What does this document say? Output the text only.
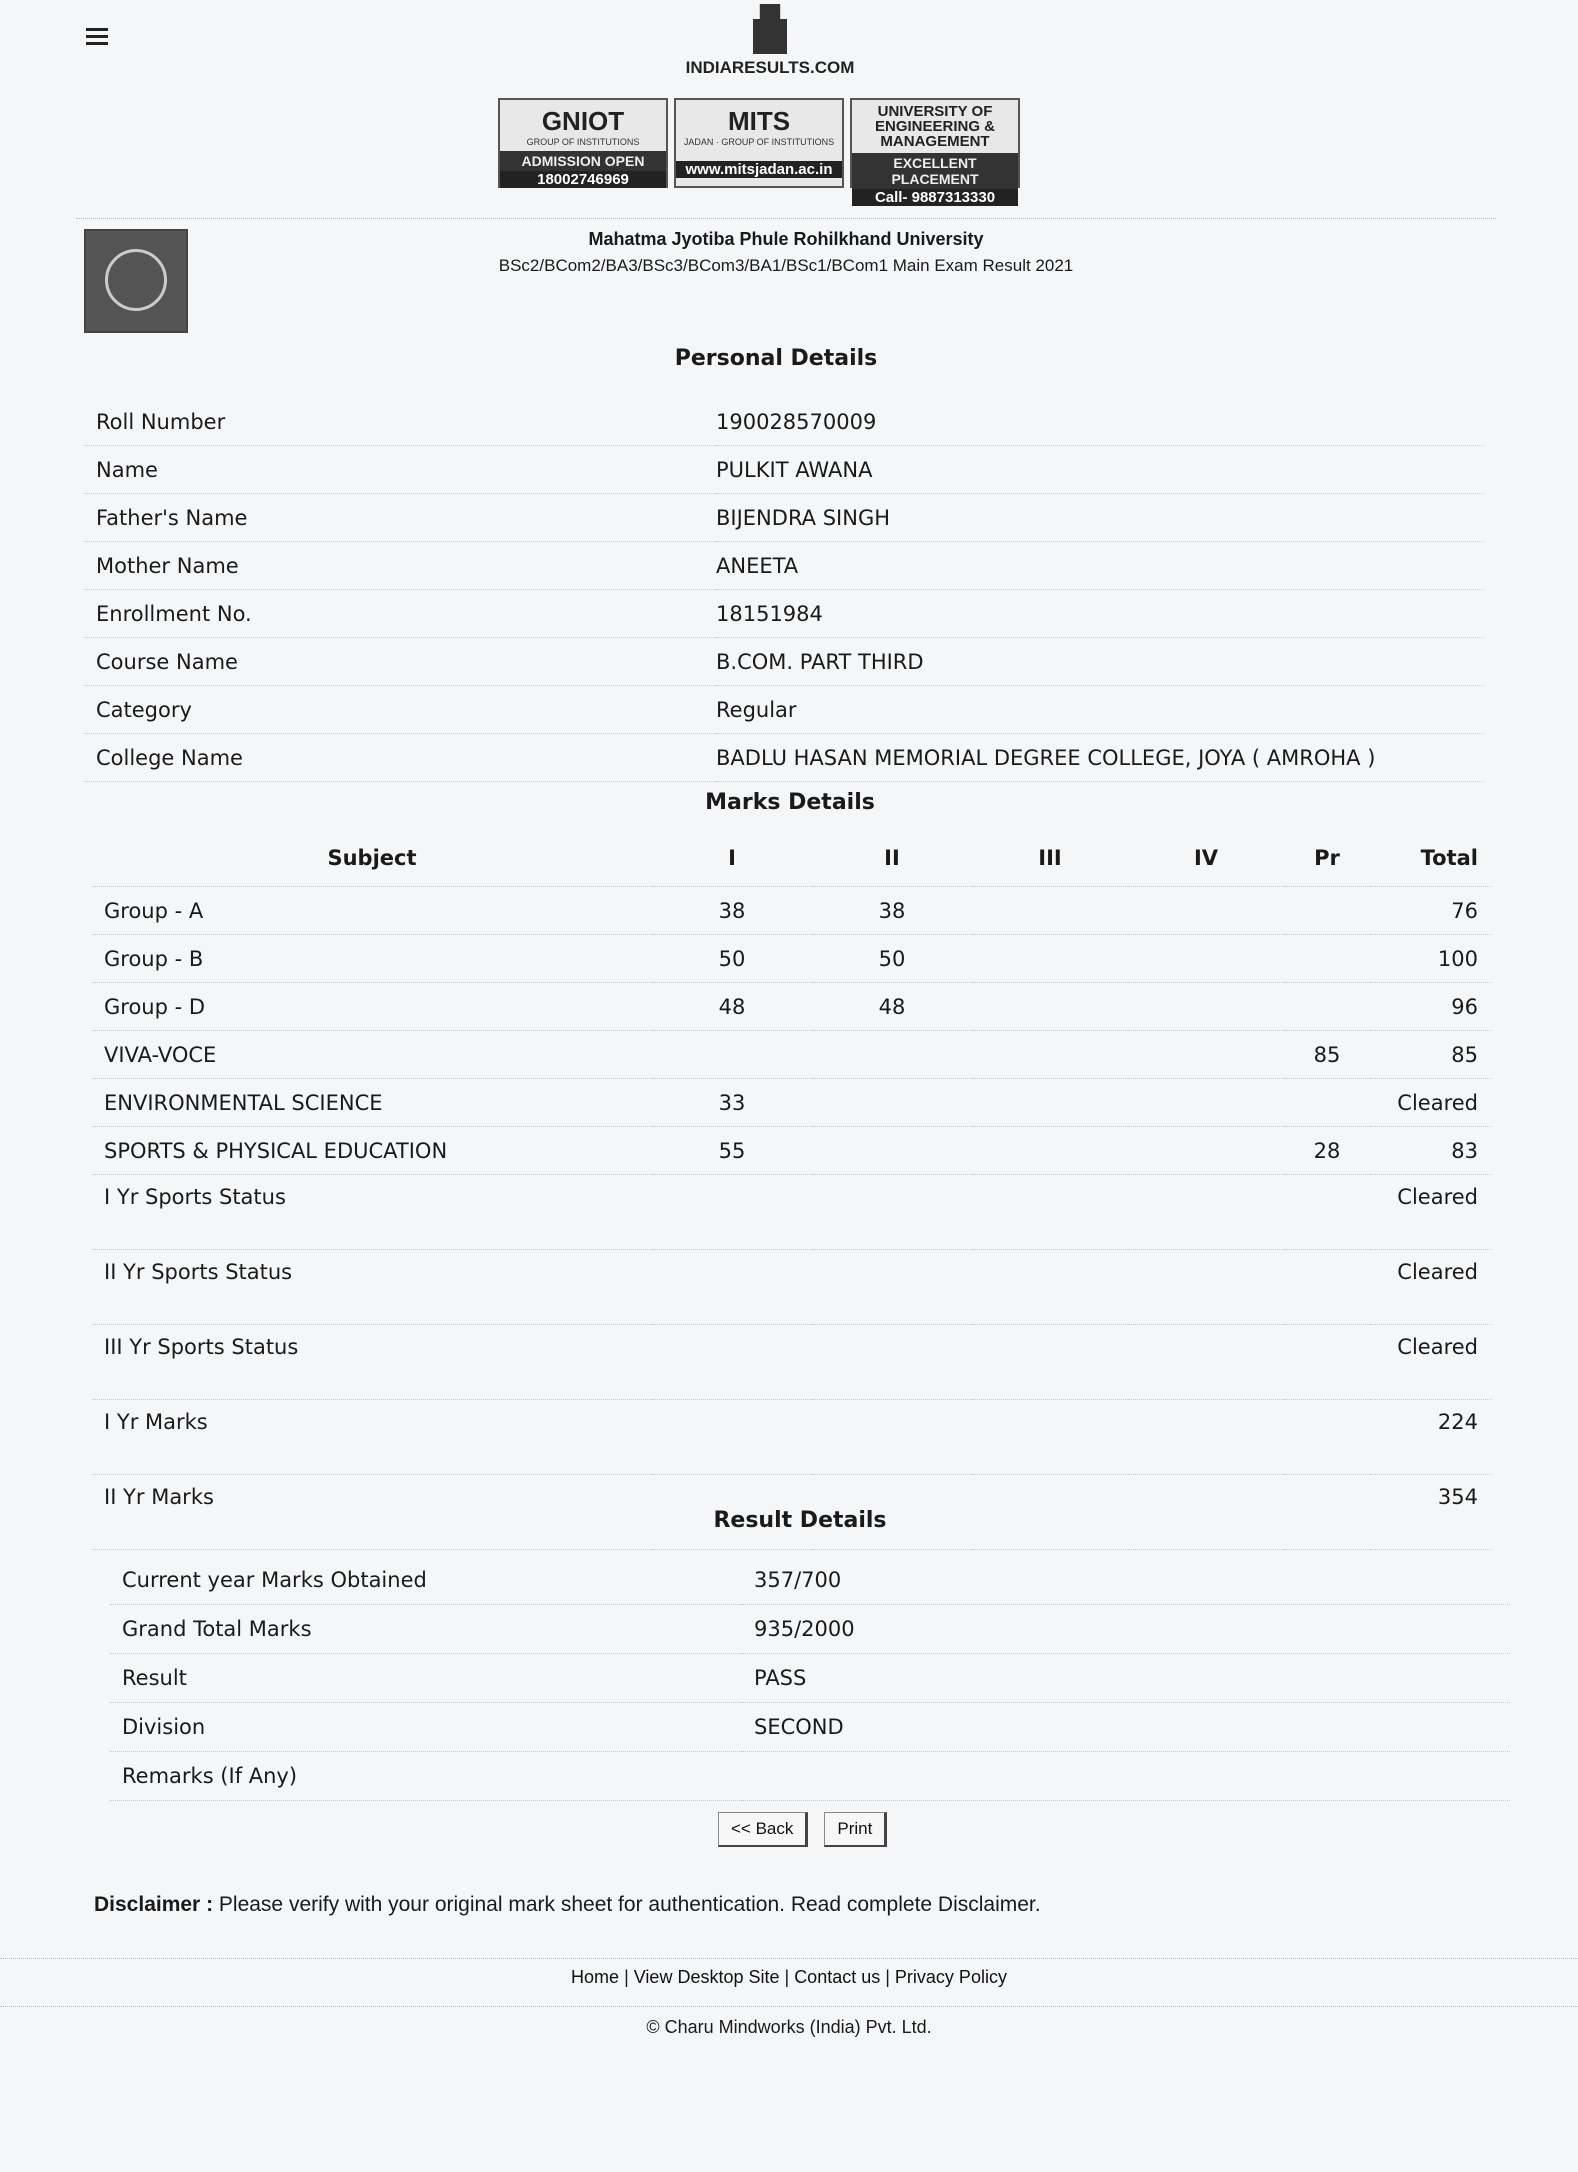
INDIARESULTS.COM
GNIOT
GROUP OF INSTITUTIONS
ADMISSION OPEN
18002746969
MITS
JADAN · GROUP OF INSTITUTIONS
www.mitsjadan.ac.in
UNIVERSITY OF ENGINEERING & MANAGEMENT
EXCELLENT PLACEMENT
Call- 9887313330
Mahatma Jyotiba Phule Rohilkhand University
BSc2/BCom2/BA3/BSc3/BCom3/BA1/BSc1/BCom1 Main Exam Result 2021
Personal Details
Roll Number	190028570009
Name	PULKIT AWANA
Father's Name	BIJENDRA SINGH
Mother Name	ANEETA
Enrollment No.	18151984
Course Name	B.COM. PART THIRD
Category	Regular
College Name	BADLU HASAN MEMORIAL DEGREE COLLEGE, JOYA ( AMROHA )
Marks Details
Subject	I	II	III	IV	Pr	Total
Group - A	38	38				76
Group - B	50	50				100
Group - D	48	48				96
VIVA-VOCE					85	85
ENVIRONMENTAL SCIENCE	33					Cleared
SPORTS & PHYSICAL EDUCATION	55				28	83
I Yr Sports Status						Cleared
II Yr Sports Status						Cleared
III Yr Sports Status						Cleared
I Yr Marks						224
II Yr Marks						354
Result Details
Current year Marks Obtained	357/700
Grand Total Marks	935/2000
Result	PASS
Division	SECOND
Remarks (If Any)	
<< Back	Print
Disclaimer : Please verify with your original mark sheet for authentication. Read complete Disclaimer.
Home | View Desktop Site | Contact us | Privacy Policy
© Charu Mindworks (India) Pvt. Ltd.
